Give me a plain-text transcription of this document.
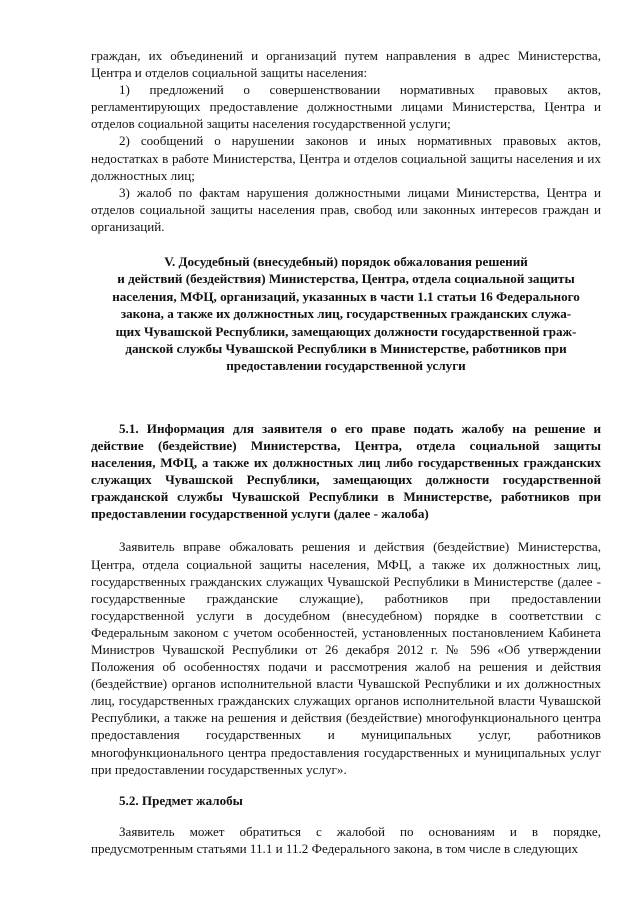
граждан, их объединений и организаций путем направления в адрес Министерства, Центра и отделов социальной защиты населения:

1) предложений о совершенствовании нормативных правовых актов, регламентирующих предоставление должностными лицами Министерства, Центра и отделов социальной защиты населения государственной услуги;

2) сообщений о нарушении законов и иных нормативных правовых актов, недостатках в работе Министерства, Центра и отделов социальной защиты населения и их должностных лиц;

3) жалоб по фактам нарушения должностными лицами Министерства, Центра и отделов социальной защиты населения прав, свобод или законных интересов граждан и организаций.

V. Досудебный (внесудебный) порядок обжалования решений
и действий (бездействия) Министерства, Центра, отдела социальной защиты
населения, МФЦ, организаций, указанных в части 1.1 статьи 16 Федерального
закона, а также их должностных лиц, государственных гражданских служа-
щих Чувашской Республики, замещающих должности государственной граж-
данской службы Чувашской Республики в Министерстве, работников при
предоставлении государственной услуги

5.1. Информация для заявителя о его праве подать жалобу на решение и действие (бездействие) Министерства, Центра, отдела социальной защиты населения, МФЦ, а также их должностных лиц либо государственных гражданских служащих Чувашской Республики, замещающих должности государственной гражданской службы Чувашской Республики в Министерстве, работников при предоставлении государственной услуги (далее - жалоба)

Заявитель вправе обжаловать решения и действия (бездействие) Министерства, Центра, отдела социальной защиты населения, МФЦ, а также их должностных лиц, государственных гражданских служащих Чувашской Республики в Министерстве (далее - государственные гражданские служащие), работников при предоставлении государственной услуги в досудебном (внесудебном) порядке в соответствии с Федеральным законом с учетом особенностей, установленных постановлением Кабинета Министров Чувашской Республики от 26 декабря 2012 г. № 596 «Об утверждении Положения об особенностях подачи и рассмотрения жалоб на решения и действия (бездействие) органов исполнительной власти Чувашской Республики и их должностных лиц, государственных гражданских служащих органов исполнительной власти Чувашской Республики, а также на решения и действия (бездействие) многофункционального центра предоставления государственных и муниципальных услуг, работников многофункционального центра предоставления государственных и муниципальных услуг при предоставлении государственных услуг».

5.2. Предмет жалобы

Заявитель может обратиться с жалобой по основаниям и в порядке, предусмотренным статьями 11.1 и 11.2 Федерального закона, в том числе в следующих
